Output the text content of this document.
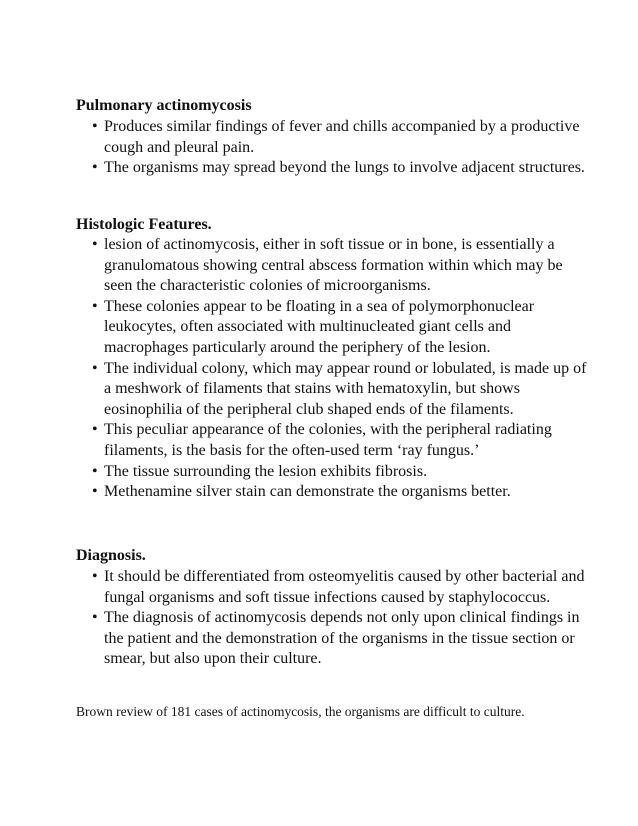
Pulmonary actinomycosis
• Produces similar findings of fever and chills accompanied by a productive cough and pleural pain.
• The organisms may spread beyond the lungs to involve adjacent structures.
Histologic Features.
• lesion of actinomycosis, either in soft tissue or in bone, is essentially a granulomatous showing central abscess formation within which may be seen the characteristic colonies of microorganisms.
• These colonies appear to be floating in a sea of polymorphonuclear leukocytes, often associated with multinucleated giant cells and macrophages particularly around the periphery of the lesion.
• The individual colony, which may appear round or lobulated, is made up of a meshwork of filaments that stains with hematoxylin, but shows eosinophilia of the peripheral club shaped ends of the filaments.
• This peculiar appearance of the colonies, with the peripheral radiating filaments, is the basis for the often-used term ‘ray fungus.’
• The tissue surrounding the lesion exhibits fibrosis.
• Methenamine silver stain can demonstrate the organisms better.
Diagnosis.
• It should be differentiated from osteomyelitis caused by other bacterial and fungal organisms and soft tissue infections caused by staphylococcus.
• The diagnosis of actinomycosis depends not only upon clinical findings in the patient and the demonstration of the organisms in the tissue section or smear, but also upon their culture.
Brown review of 181 cases of actinomycosis, the organisms are difficult to culture.
